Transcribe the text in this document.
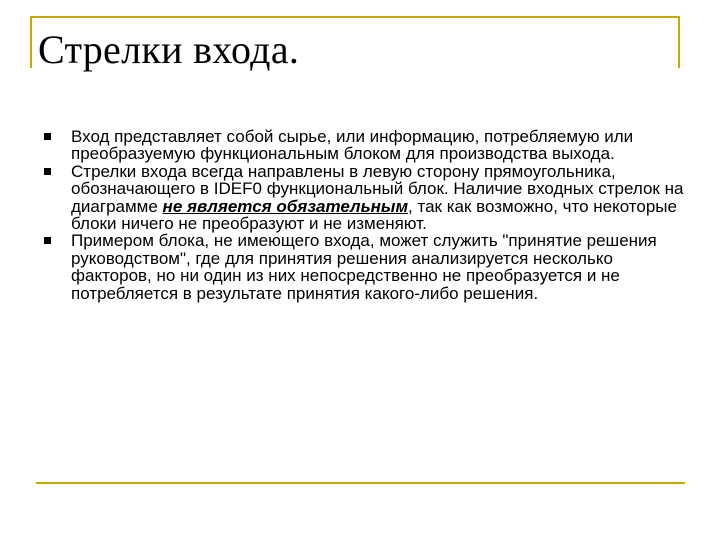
Стрелки входа.
Вход представляет собой сырье, или информацию, потребляемую или преобразуемую функциональным блоком для производства выхода.
Стрелки входа всегда направлены в левую сторону прямоугольника, обозначающего в IDEF0 функциональный блок. Наличие входных стрелок на диаграмме не является обязательным, так как возможно, что некоторые блоки ничего не преобразуют и не изменяют.
Примером блока, не имеющего входа, может служить "принятие решения руководством", где для принятия решения анализируется несколько факторов, но ни один из них непосредственно не преобразуется и не потребляется в результате принятия какого-либо решения.
